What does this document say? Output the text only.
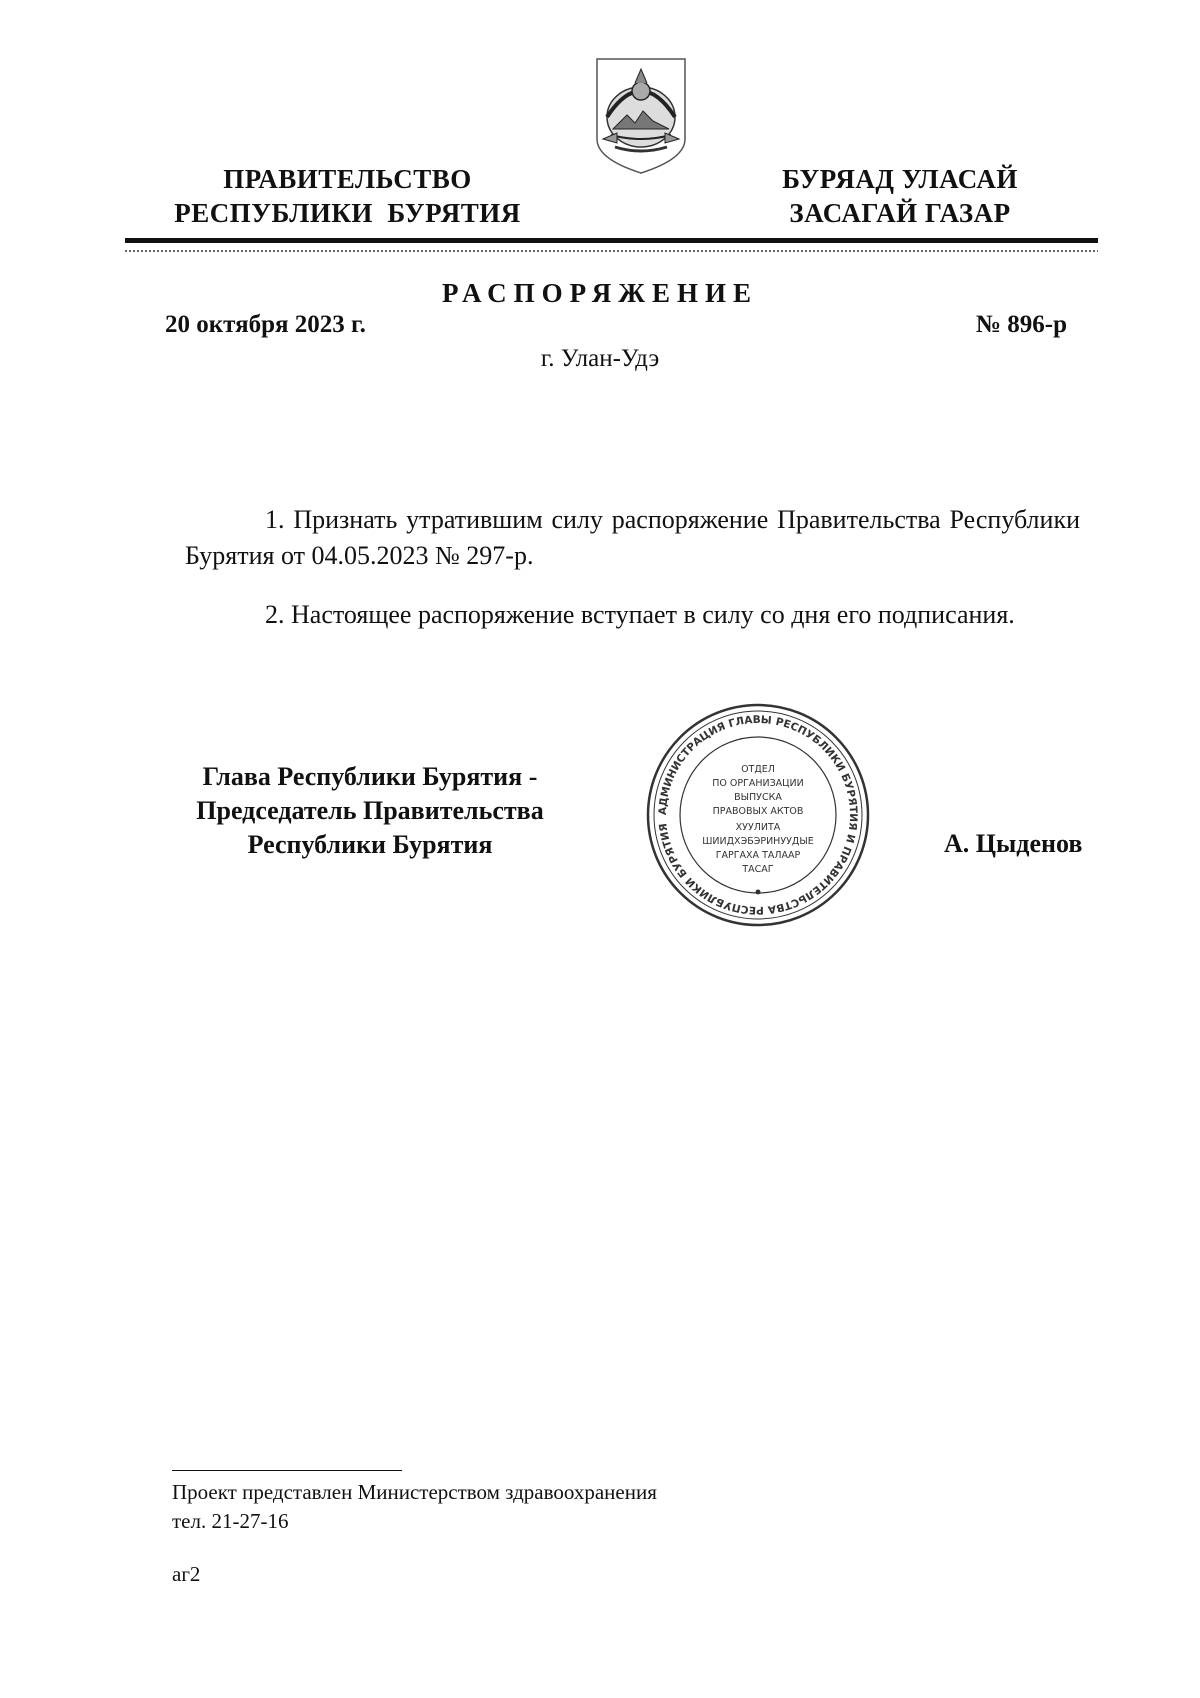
ПРАВИТЕЛЬСТВО
РЕСПУБЛИКИ  БУРЯТИЯ
БУРЯАД УЛАСАЙ
ЗАСАГАЙ ГАЗАР
РАСПОРЯЖЕНИЕ
20 октября 2023 г.	№ 896-р
г. Улан-Удэ
1. Признать утратившим силу распоряжение Правительства Республики Бурятия от 04.05.2023 № 297-р.
2. Настоящее распоряжение вступает в силу со дня его подписания.
Глава Республики Бурятия -
Председатель Правительства
Республики Бурятия
АДМИНИСТРАЦИЯ ГЛАВЫ РЕСПУБЛИКИ БУРЯТИЯ И ПРАВИТЕЛЬСТВА РЕСПУБЛИКИ БУРЯТИЯ
ОТДЕЛ
ПО ОРГАНИЗАЦИИ
ВЫПУСКА
ПРАВОВЫХ АКТОВ
ХУУЛИТА
ШИИДХЭБЭРИНУУДЫЕ
ГАРГАХА ТАЛААР
ТАСАГ
А. Цыденов
Проект представлен Министерством здравоохранения
тел. 21-27-16
аг2
